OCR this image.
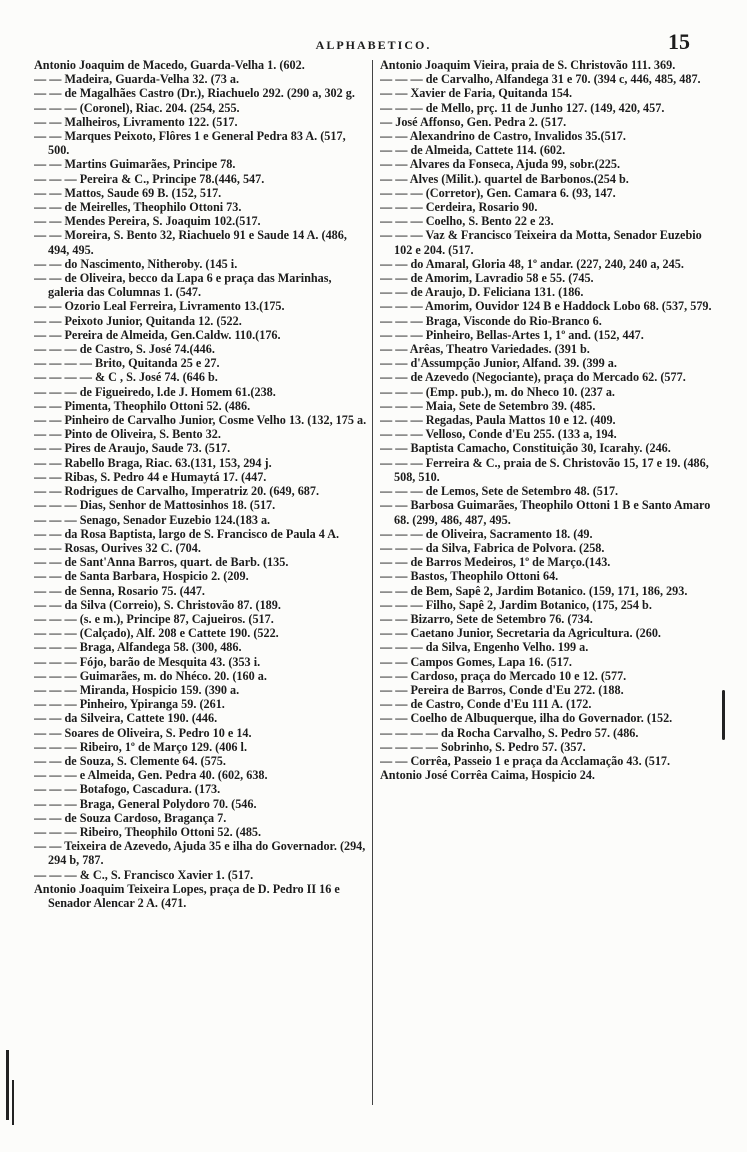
ALPHABETICO.	15

Antonio Joaquim de Macedo, Guarda-Velha 1. (602.

— — Madeira, Guarda-Velha 32. (73 a.

— — de Magalhães Castro (Dr.), Riachuelo 292. (290 a, 302 g.

— — — (Coronel), Riac. 204. (254, 255.

— — Malheiros, Livramento 122. (517.

— — Marques Peixoto, Flôres 1 e General Pedra 83 A. (517, 500.

— — Martins Guimarães, Principe 78.

— — — Pereira & C., Principe 78.(446, 547.

— — Mattos, Saude 69 B. (152, 517.

— — de Meirelles, Theophilo Ottoni 73.

— — Mendes Pereira, S. Joaquim 102.(517.

— — Moreira, S. Bento 32, Riachuelo 91 e Saude 14 A. (486, 494, 495.

— — do Nascimento, Nitheroby. (145 i.

— — de Oliveira, becco da Lapa 6 e praça das Marinhas, galeria das Columnas 1. (547.

— — Ozorio Leal Ferreira, Livramento 13.(175.

— — Peixoto Junior, Quitanda 12. (522.

— — Pereira de Almeida, Gen.Caldw. 110.(176.

— — — de Castro, S. José 74.(446.

— — — — Brito, Quitanda 25 e 27.

— — — — & C , S. José 74. (646 b.

— — — de Figueiredo, l.de J. Homem 61.(238.

— — Pimenta, Theophilo Ottoni 52. (486.

— — Pinheiro de Carvalho Junior, Cosme Velho 13. (132, 175 a.

— — Pinto de Oliveira, S. Bento 32.

— — Pires de Araujo, Saude 73. (517.

— — Rabello Braga, Riac. 63.(131, 153, 294 j.

— — Ribas, S. Pedro 44 e Humaytá 17. (447.

— — Rodrigues de Carvalho, Imperatriz 20. (649, 687.

— — — Dias, Senhor de Mattosinhos 18. (517.

— — — Senago, Senador Euzebio 124.(183 a.

— — da Rosa Baptista, largo de S. Francisco de Paula 4 A.

— — Rosas, Ourives 32 C. (704.

— — de Sant'Anna Barros, quart. de Barb. (135.

— — de Santa Barbara, Hospicio 2. (209.

— — de Senna, Rosario 75. (447.

— — da Silva (Correio), S. Christovão 87. (189.

— — — (s. e m.), Principe 87, Cajueiros. (517.

— — — (Calçado), Alf. 208 e Cattete 190. (522.

— — — Braga, Alfandega 58. (300, 486.

— — — Fójo, barão de Mesquita 43. (353 i.

— — — Guimarães, m. do Nhéco. 20. (160 a.

— — — Miranda, Hospicio 159. (390 a.

— — — Pinheiro, Ypiranga 59. (261.

— — da Silveira, Cattete 190. (446.

— — Soares de Oliveira, S. Pedro 10 e 14.

— — — Ribeiro, 1º de Março 129. (406 l.

— — de Souza, S. Clemente 64. (575.

— — — e Almeida, Gen. Pedra 40. (602, 638.

— — — Botafogo, Cascadura. (173.

— — — Braga, General Polydoro 70. (546.

— — de Souza Cardoso, Bragança 7.

— — — Ribeiro, Theophilo Ottoni 52. (485.

— — Teixeira de Azevedo, Ajuda 35 e ilha do Governador. (294, 294 b, 787.

— — — & C., S. Francisco Xavier 1. (517.

Antonio Joaquim Teixeira Lopes, praça de D. Pedro II 16 e Senador Alencar 2 A. (471.

Antonio Joaquim Vieira, praia de S. Christovão 111. 369.

— — — de Carvalho, Alfandega 31 e 70. (394 c, 446, 485, 487.

— — Xavier de Faria, Quitanda 154.

— — — de Mello, prç. 11 de Junho 127. (149, 420, 457.

— José Affonso, Gen. Pedra 2. (517.

— — Alexandrino de Castro, Invalidos 35.(517.

— — de Almeida, Cattete 114. (602.

— — Alvares da Fonseca, Ajuda 99, sobr.(225.

— — Alves (Milit.). quartel de Barbonos.(254 b.

— — — (Corretor), Gen. Camara 6. (93, 147.

— — — Cerdeira, Rosario 90.

— — — Coelho, S. Bento 22 e 23.

— — — Vaz & Francisco Teixeira da Motta, Senador Euzebio 102 e 204. (517.

— — do Amaral, Gloria 48, 1º andar. (227, 240, 240 a, 245.

— — de Amorim, Lavradio 58 e 55. (745.

— — de Araujo, D. Feliciana 131. (186.

— — — Amorim, Ouvidor 124 B e Haddock Lobo 68. (537, 579.

— — — Braga, Visconde do Rio-Branco 6.

— — — Pinheiro, Bellas-Artes 1, 1º and. (152, 447.

— — Arêas, Theatro Variedades. (391 b.

— — d'Assumpção Junior, Alfand. 39. (399 a.

— — de Azevedo (Negociante), praça do Mercado 62. (577.

— — — (Emp. pub.), m. do Nheco 10. (237 a.

— — — Maia, Sete de Setembro 39. (485.

— — — Regadas, Paula Mattos 10 e 12. (409.

— — — Velloso, Conde d'Eu 255. (133 a, 194.

— — Baptista Camacho, Constituição 30, Icarahy. (246.

— — — Ferreira & C., praia de S. Christovão 15, 17 e 19. (486, 508, 510.

— — — de Lemos, Sete de Setembro 48. (517.

— — Barbosa Guimarães, Theophilo Ottoni 1 B e Santo Amaro 68. (299, 486, 487, 495.

— — — de Oliveira, Sacramento 18. (49.

— — — da Silva, Fabrica de Polvora. (258.

— — de Barros Medeiros, 1º de Março.(143.

— — Bastos, Theophilo Ottoni 64.

— — de Bem, Sapê 2, Jardim Botanico. (159, 171, 186, 293.

— — — Filho, Sapê 2, Jardim Botanico, (175, 254 b.

— — Bizarro, Sete de Setembro 76. (734.

— — Caetano Junior, Secretaria da Agricultura. (260.

— — — da Silva, Engenho Velho. 199 a.

— — Campos Gomes, Lapa 16. (517.

— — Cardoso, praça do Mercado 10 e 12. (577.

— — Pereira de Barros, Conde d'Eu 272. (188.

— — de Castro, Conde d'Eu 111 A. (172.

— — Coelho de Albuquerque, ilha do Governador. (152.

— — — — da Rocha Carvalho, S. Pedro 57. (486.

— — — — Sobrinho, S. Pedro 57. (357.

— — Corrêa, Passeio 1 e praça da Acclamação 43. (517.

Antonio José Corrêa Caima, Hospicio 24.
